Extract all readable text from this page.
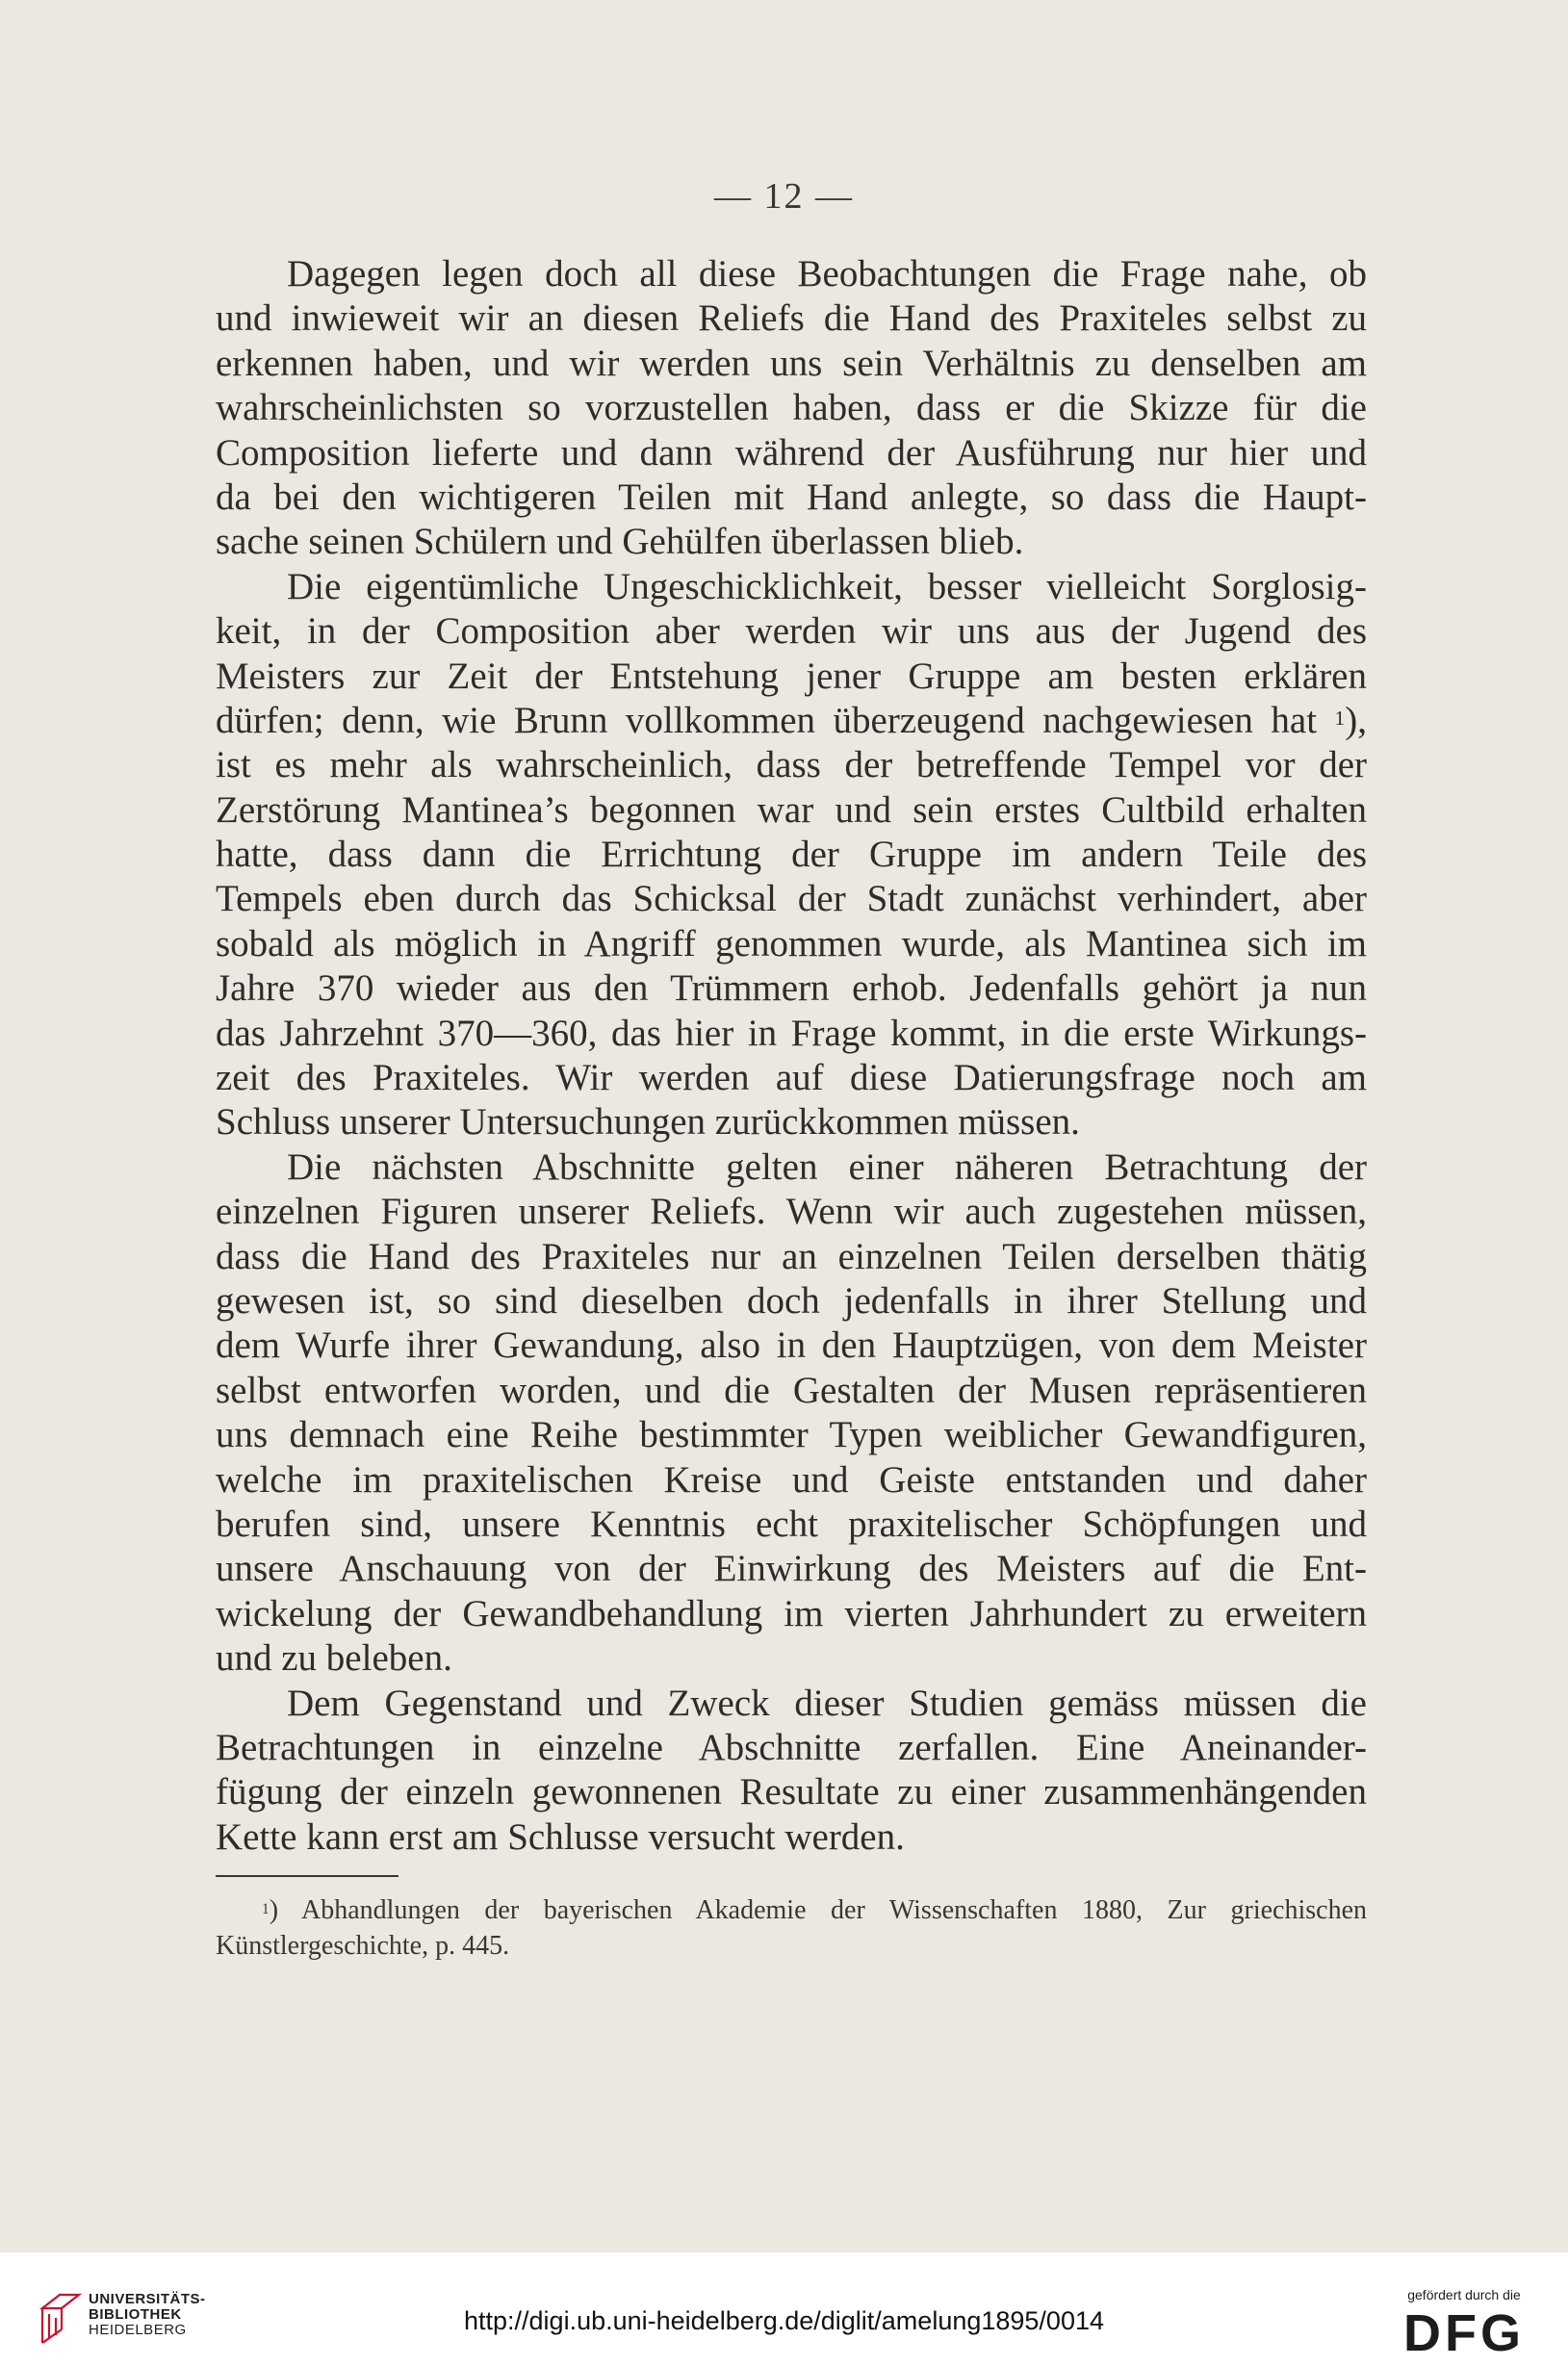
— 12 —
Dagegen legen doch all diese Beobachtungen die Frage nahe, ob
und inwieweit wir an diesen Reliefs die Hand des Praxiteles selbst zu
erkennen haben, und wir werden uns sein Verhältnis zu denselben am
wahrscheinlichsten so vorzustellen haben, dass er die Skizze für die
Composition lieferte und dann während der Ausführung nur hier und
da bei den wichtigeren Teilen mit Hand anlegte, so dass die Haupt-
sache seinen Schülern und Gehülfen überlassen blieb.
Die eigentümliche Ungeschicklichkeit, besser vielleicht Sorglosig-
keit, in der Composition aber werden wir uns aus der Jugend des
Meisters zur Zeit der Entstehung jener Gruppe am besten erklären
dürfen; denn, wie Brunn vollkommen überzeugend nachgewiesen hat $^1$),
ist es mehr als wahrscheinlich, dass der betreffende Tempel vor der
Zerstörung Mantinea’s begonnen war und sein erstes Cultbild erhalten
hatte, dass dann die Errichtung der Gruppe im andern Teile des
Tempels eben durch das Schicksal der Stadt zunächst verhindert, aber
sobald als möglich in Angriff genommen wurde, als Mantinea sich im
Jahre 370 wieder aus den Trümmern erhob. Jedenfalls gehört ja nun
das Jahrzehnt 370—360, das hier in Frage kommt, in die erste Wirkungs-
zeit des Praxiteles. Wir werden auf diese Datierungsfrage noch am
Schluss unserer Untersuchungen zurückkommen müssen.
Die nächsten Abschnitte gelten einer näheren Betrachtung der
einzelnen Figuren unserer Reliefs. Wenn wir auch zugestehen müssen,
dass die Hand des Praxiteles nur an einzelnen Teilen derselben thätig
gewesen ist, so sind dieselben doch jedenfalls in ihrer Stellung und
dem Wurfe ihrer Gewandung, also in den Hauptzügen, von dem Meister
selbst entworfen worden, und die Gestalten der Musen repräsentieren
uns demnach eine Reihe bestimmter Typen weiblicher Gewandfiguren,
welche im praxitelischen Kreise und Geiste entstanden und daher
berufen sind, unsere Kenntnis echt praxitelischer Schöpfungen und
unsere Anschauung von der Einwirkung des Meisters auf die Ent-
wickelung der Gewandbehandlung im vierten Jahrhundert zu erweitern
und zu beleben.
Dem Gegenstand und Zweck dieser Studien gemäss müssen die
Betrachtungen in einzelne Abschnitte zerfallen. Eine Aneinander-
fügung der einzeln gewonnenen Resultate zu einer zusammenhängenden
Kette kann erst am Schlusse versucht werden.
$^1$) Abhandlungen der bayerischen Akademie der Wissenschaften 1880, Zur griechischen
Künstlergeschichte, p. 445.
UNIVERSITÄTS-
BIBLIOTHEK
HEIDELBERG	http://digi.ub.uni-heidelberg.de/diglit/amelung1895/0014
gefördert durch die
DFG
